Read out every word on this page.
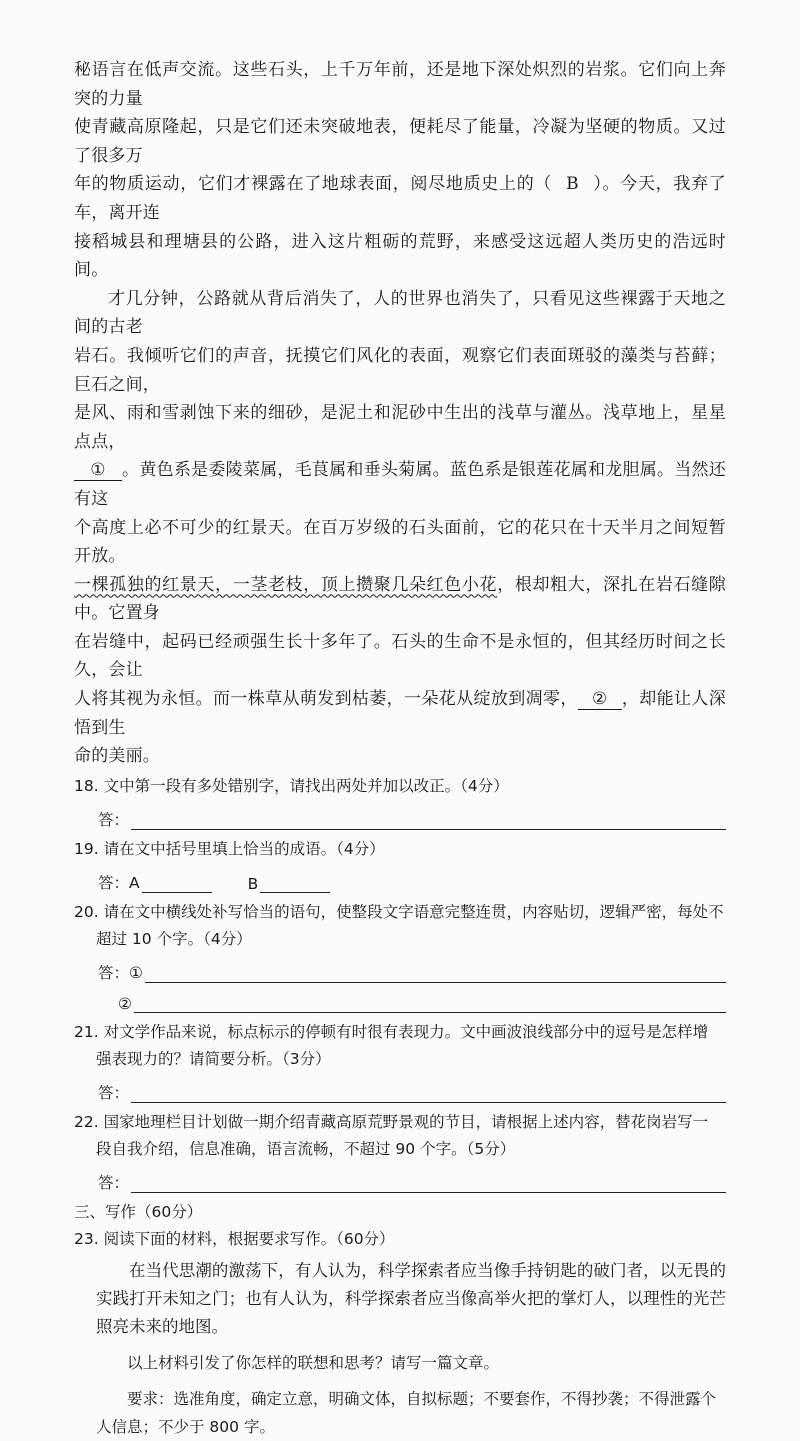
秘语言在低声交流。这些石头，上千万年前，还是地下深处炽烈的岩浆。它们向上奔突的力量

使青藏高原隆起，只是它们还未突破地表，便耗尽了能量，冷凝为坚硬的物质。又过了很多万

年的物质运动，它们才裸露在了地球表面，阅尽地质史上的（ B ）。今天，我弃了车，离开连

接稻城县和理塘县的公路，进入这片粗砺的荒野，来感受这远超人类历史的浩远时间。

才几分钟，公路就从背后消失了，人的世界也消失了，只看见这些裸露于天地之间的古老

岩石。我倾听它们的声音，抚摸它们风化的表面，观察它们表面斑驳的藻类与苔藓；巨石之间，

是风、雨和雪剥蚀下来的细砂，是泥土和泥砂中生出的浅草与灌丛。浅草地上，星星点点，

① 。黄色系是委陵菜属，毛茛属和垂头菊属。蓝色系是银莲花属和龙胆属。当然还有这

个高度上必不可少的红景天。在百万岁级的石头面前，它的花只在十天半月之间短暂开放。

一棵孤独的红景天，一茎老枝，顶上攒聚几朵红色小花，根却粗大，深扎在岩石缝隙中。它置身

在岩缝中，起码已经顽强生长十多年了。石头的生命不是永恒的，但其经历时间之长久，会让

人将其视为永恒。而一株草从萌发到枯萎，一朵花从绽放到凋零， ② ，却能让人深悟到生

命的美丽。

18. 文中第一段有多处错别字，请找出两处并加以改正。（4分）

答：

19. 请在文中括号里填上恰当的成语。（4分）

答：A	B

20. 请在文中横线处补写恰当的语句，使整段文字语意完整连贯，内容贴切，逻辑严密，每处不

超过 10 个字。（4分）

答：①
②

21. 对文学作品来说，标点标示的停顿有时很有表现力。文中画波浪线部分中的逗号是怎样增

强表现力的？请简要分析。（3分）

答：

22. 国家地理栏目计划做一期介绍青藏高原荒野景观的节目，请根据上述内容，替花岗岩写一

段自我介绍，信息准确，语言流畅，不超过 90 个字。（5分）

答：

三、写作（60分）

23. 阅读下面的材料，根据要求写作。（60分）

在当代思潮的激荡下，有人认为，科学探索者应当像手持钥匙的破门者，以无畏的实践打开未知之门；也有人认为，科学探索者应当像高举火把的掌灯人，以理性的光芒照亮未来的地图。

以上材料引发了你怎样的联想和思考？请写一篇文章。

要求：选准角度，确定立意，明确文体，自拟标题；不要套作，不得抄袭；不得泄露个人信息；不少于 800 字。
